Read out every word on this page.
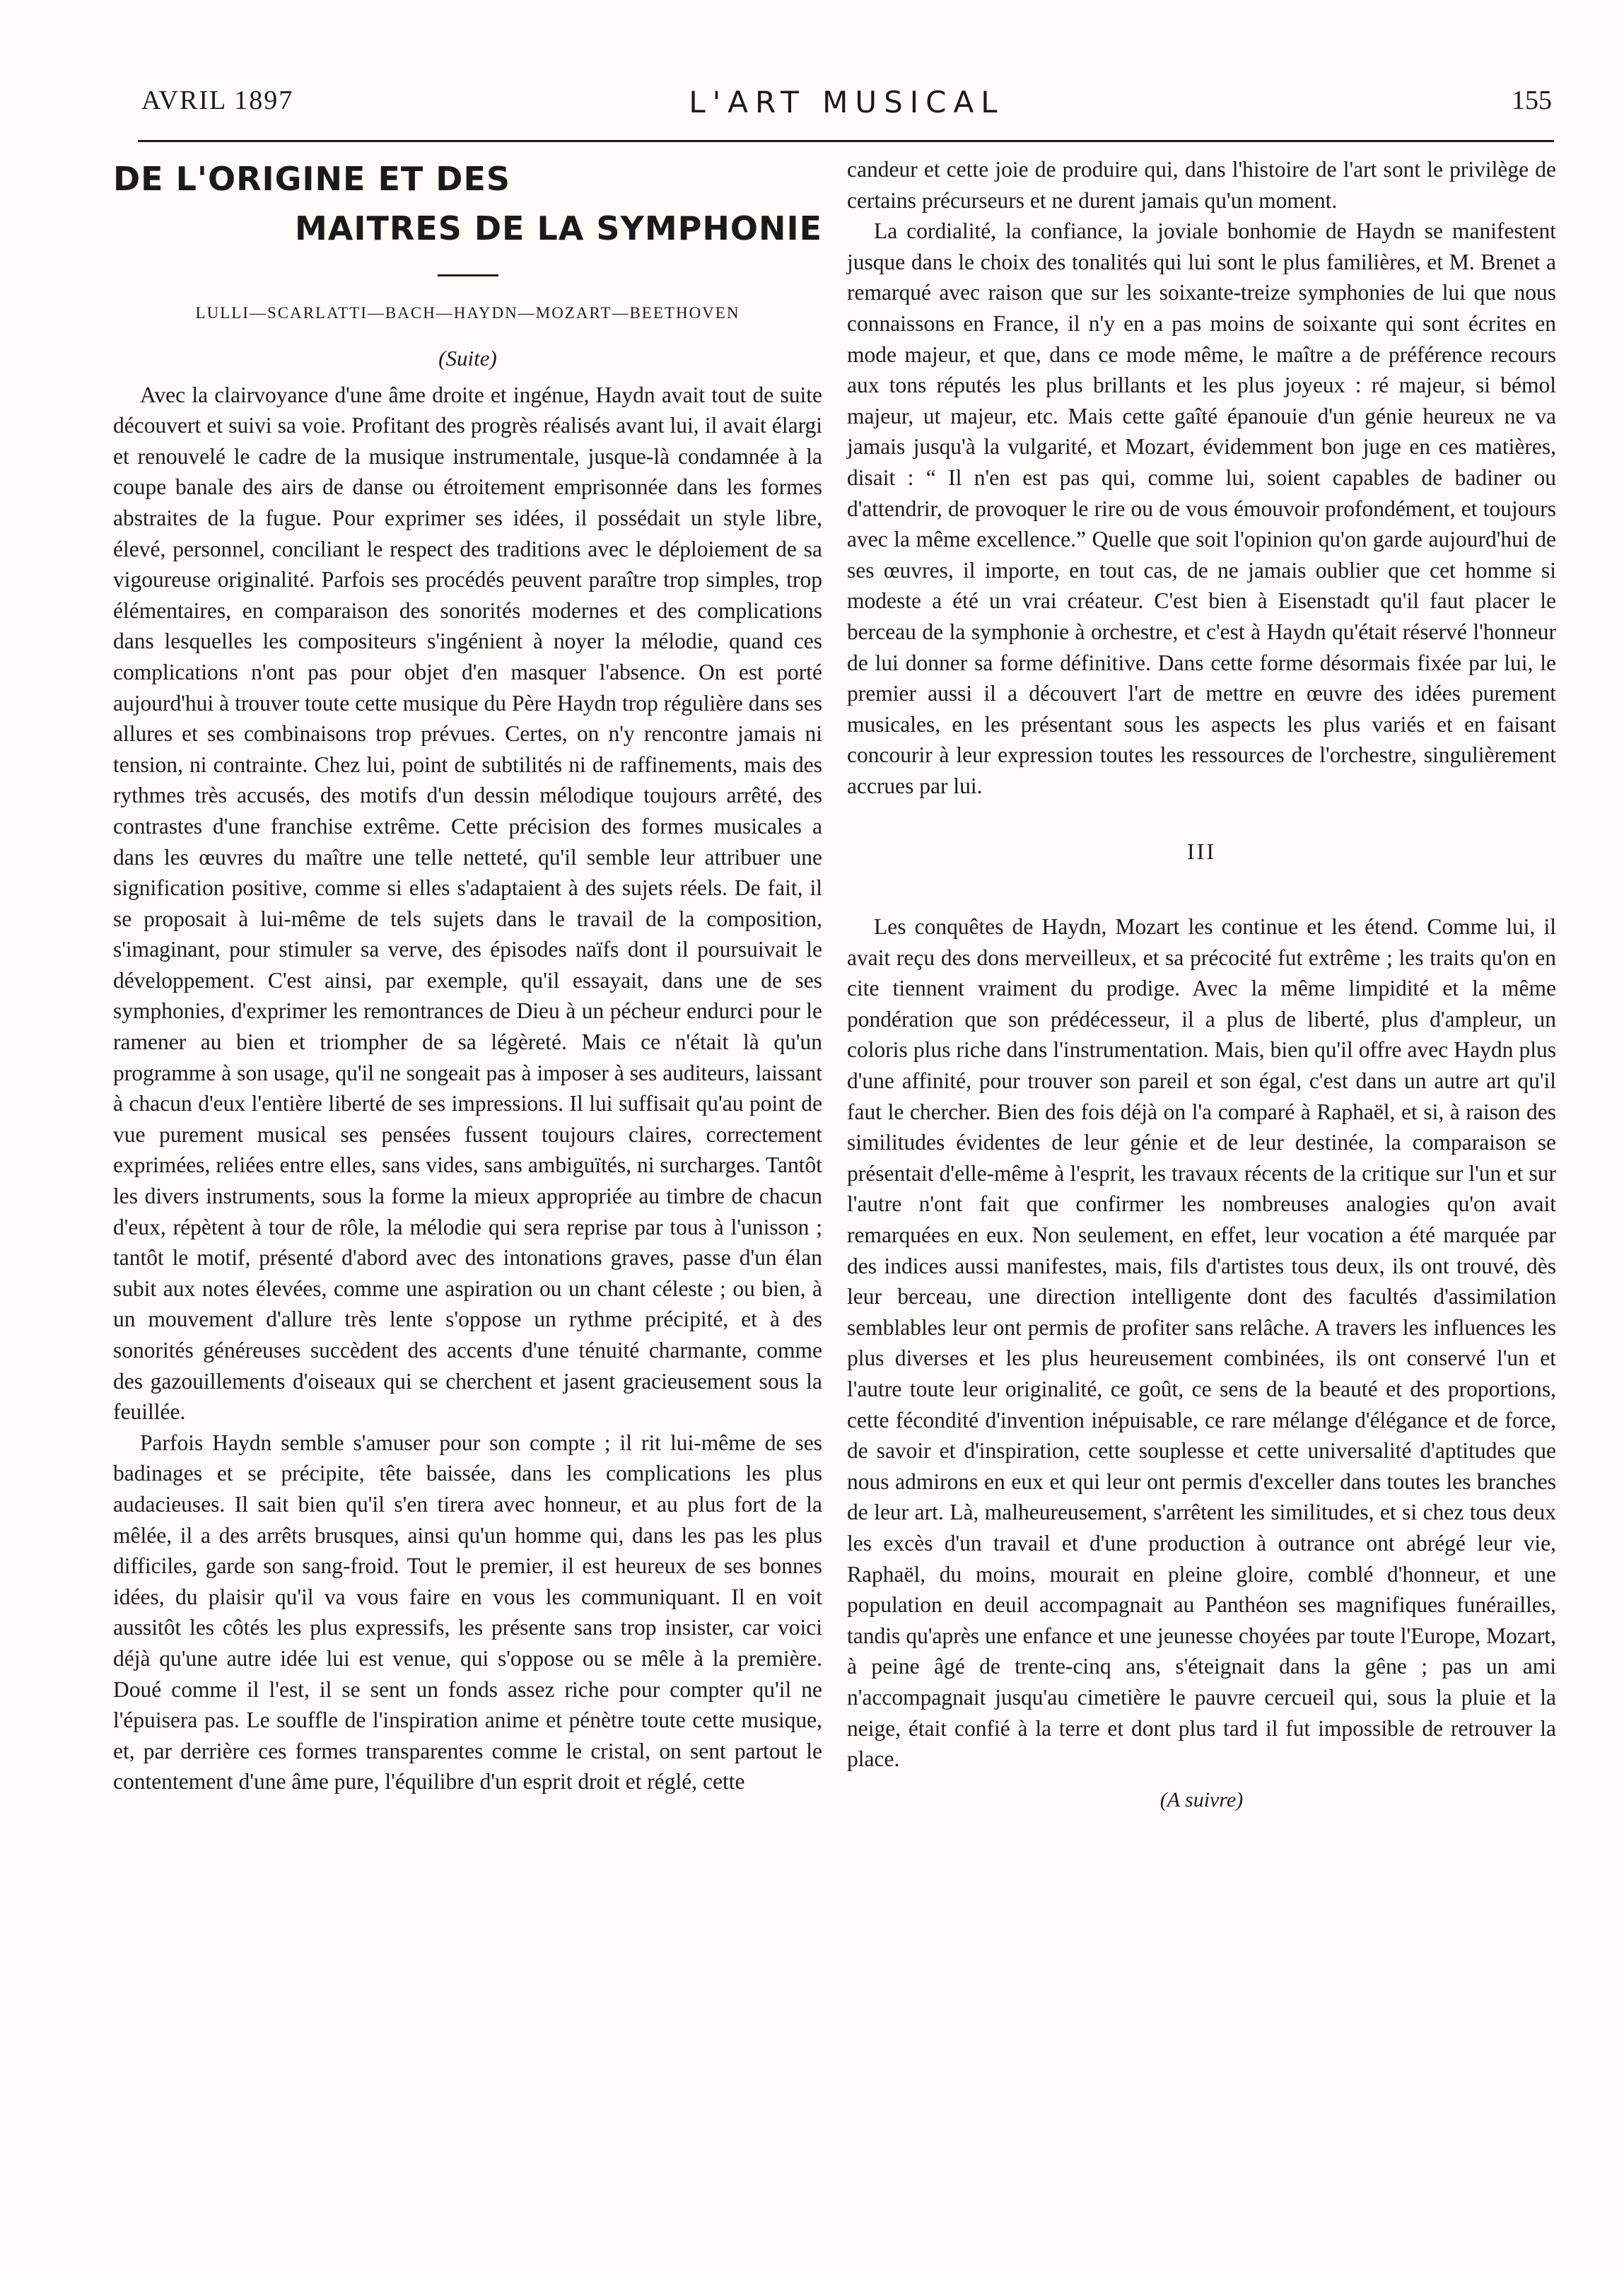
AVRIL 1897	L'ART MUSICAL	155
DE L'ORIGINE ET DES
MAITRES DE LA SYMPHONIE

LULLI—SCARLATTI—BACH—HAYDN—MOZART—BEETHOVEN

(Suite)

Avec la clairvoyance d'une âme droite et ingénue, Haydn avait tout de suite découvert et suivi sa voie. Profitant des progrès réalisés avant lui, il avait élargi et renouvelé le cadre de la musique instrumentale, jusque-là condamnée à la coupe banale des airs de danse ou étroitement emprisonnée dans les formes abstraites de la fugue. Pour exprimer ses idées, il possédait un style libre, élevé, personnel, conciliant le respect des traditions avec le déploiement de sa vigoureuse originalité. Parfois ses procédés peuvent paraître trop simples, trop élémentaires, en comparaison des sonorités modernes et des complications dans lesquelles les compositeurs s'ingénient à noyer la mélodie, quand ces complications n'ont pas pour objet d'en masquer l'absence. On est porté aujourd'hui à trouver toute cette musique du Père Haydn trop régulière dans ses allures et ses combinaisons trop prévues. Certes, on n'y rencontre jamais ni tension, ni contrainte. Chez lui, point de subtilités ni de raffinements, mais des rythmes très accusés, des motifs d'un dessin mélodique toujours arrêté, des contrastes d'une franchise extrême. Cette précision des formes musicales a dans les œuvres du maître une telle netteté, qu'il semble leur attribuer une signification positive, comme si elles s'adaptaient à des sujets réels. De fait, il se proposait à lui-même de tels sujets dans le travail de la composition, s'imaginant, pour stimuler sa verve, des épisodes naïfs dont il poursuivait le développement. C'est ainsi, par exemple, qu'il essayait, dans une de ses symphonies, d'exprimer les remontrances de Dieu à un pécheur endurci pour le ramener au bien et triompher de sa légèreté. Mais ce n'était là qu'un programme à son usage, qu'il ne songeait pas à imposer à ses auditeurs, laissant à chacun d'eux l'entière liberté de ses impressions. Il lui suffisait qu'au point de vue purement musical ses pensées fussent toujours claires, correctement exprimées, reliées entre elles, sans vides, sans ambiguïtés, ni surcharges. Tantôt les divers instruments, sous la forme la mieux appropriée au timbre de chacun d'eux, répètent à tour de rôle, la mélodie qui sera reprise par tous à l'unisson ; tantôt le motif, présenté d'abord avec des intonations graves, passe d'un élan subit aux notes élevées, comme une aspiration ou un chant céleste ; ou bien, à un mouvement d'allure très lente s'oppose un rythme précipité, et à des sonorités généreuses succèdent des accents d'une ténuité charmante, comme des gazouillements d'oiseaux qui se cherchent et jasent gracieusement sous la feuillée.

Parfois Haydn semble s'amuser pour son compte ; il rit lui-même de ses badinages et se précipite, tête baissée, dans les complications les plus audacieuses. Il sait bien qu'il s'en tirera avec honneur, et au plus fort de la mêlée, il a des arrêts brusques, ainsi qu'un homme qui, dans les pas les plus difficiles, garde son sang-froid. Tout le premier, il est heureux de ses bonnes idées, du plaisir qu'il va vous faire en vous les communiquant. Il en voit aussitôt les côtés les plus expressifs, les présente sans trop insister, car voici déjà qu'une autre idée lui est venue, qui s'oppose ou se mêle à la première. Doué comme il l'est, il se sent un fonds assez riche pour compter qu'il ne l'épuisera pas. Le souffle de l'inspiration anime et pénètre toute cette musique, et, par derrière ces formes transparentes comme le cristal, on sent partout le contentement d'une âme pure, l'équilibre d'un esprit droit et réglé, cette

candeur et cette joie de produire qui, dans l'histoire de l'art sont le privilège de certains précurseurs et ne durent jamais qu'un moment.

La cordialité, la confiance, la joviale bonhomie de Haydn se manifestent jusque dans le choix des tonalités qui lui sont le plus familières, et M. Brenet a remarqué avec raison que sur les soixante-treize symphonies de lui que nous connaissons en France, il n'y en a pas moins de soixante qui sont écrites en mode majeur, et que, dans ce mode même, le maître a de préférence recours aux tons réputés les plus brillants et les plus joyeux : ré majeur, si bémol majeur, ut majeur, etc. Mais cette gaîté épanouie d'un génie heureux ne va jamais jusqu'à la vulgarité, et Mozart, évidemment bon juge en ces matières, disait : “ Il n'en est pas qui, comme lui, soient capables de badiner ou d'attendrir, de provoquer le rire ou de vous émouvoir profondément, et toujours avec la même excellence.” Quelle que soit l'opinion qu'on garde aujourd'hui de ses œuvres, il importe, en tout cas, de ne jamais oublier que cet homme si modeste a été un vrai créateur. C'est bien à Eisenstadt qu'il faut placer le berceau de la symphonie à orchestre, et c'est à Haydn qu'était réservé l'honneur de lui donner sa forme définitive. Dans cette forme désormais fixée par lui, le premier aussi il a découvert l'art de mettre en œuvre des idées purement musicales, en les présentant sous les aspects les plus variés et en faisant concourir à leur expression toutes les ressources de l'orchestre, singulièrement accrues par lui.

III

Les conquêtes de Haydn, Mozart les continue et les étend. Comme lui, il avait reçu des dons merveilleux, et sa précocité fut extrême ; les traits qu'on en cite tiennent vraiment du prodige. Avec la même limpidité et la même pondération que son prédécesseur, il a plus de liberté, plus d'ampleur, un coloris plus riche dans l'instrumentation. Mais, bien qu'il offre avec Haydn plus d'une affinité, pour trouver son pareil et son égal, c'est dans un autre art qu'il faut le chercher. Bien des fois déjà on l'a comparé à Raphaël, et si, à raison des similitudes évidentes de leur génie et de leur destinée, la comparaison se présentait d'elle-même à l'esprit, les travaux récents de la critique sur l'un et sur l'autre n'ont fait que confirmer les nombreuses analogies qu'on avait remarquées en eux. Non seulement, en effet, leur vocation a été marquée par des indices aussi manifestes, mais, fils d'artistes tous deux, ils ont trouvé, dès leur berceau, une direction intelligente dont des facultés d'assimilation semblables leur ont permis de profiter sans relâche. A travers les influences les plus diverses et les plus heureusement combinées, ils ont conservé l'un et l'autre toute leur originalité, ce goût, ce sens de la beauté et des proportions, cette fécondité d'invention inépuisable, ce rare mélange d'élégance et de force, de savoir et d'inspiration, cette souplesse et cette universalité d'aptitudes que nous admirons en eux et qui leur ont permis d'exceller dans toutes les branches de leur art. Là, malheureusement, s'arrêtent les similitudes, et si chez tous deux les excès d'un travail et d'une production à outrance ont abrégé leur vie, Raphaël, du moins, mourait en pleine gloire, comblé d'honneur, et une population en deuil accompagnait au Panthéon ses magnifiques funérailles, tandis qu'après une enfance et une jeunesse choyées par toute l'Europe, Mozart, à peine âgé de trente-cinq ans, s'éteignait dans la gêne ; pas un ami n'accompagnait jusqu'au cimetière le pauvre cercueil qui, sous la pluie et la neige, était confié à la terre et dont plus tard il fut impossible de retrouver la place.

(A suivre)
